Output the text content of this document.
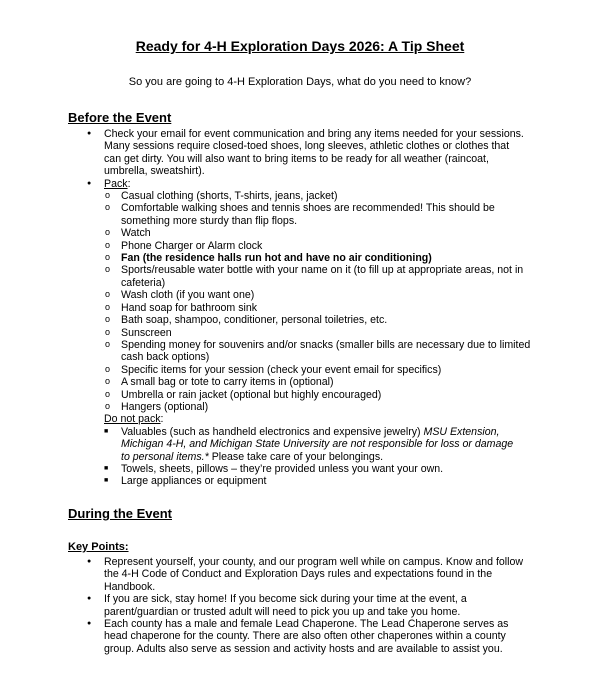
Ready for 4-H Exploration Days 2026: A Tip Sheet
So you are going to 4-H Exploration Days, what do you need to know?
Before the Event
● Check your email for event communication and bring any items needed for your sessions. Many sessions require closed-toed shoes, long sleeves, athletic clothes or clothes that can get dirty. You will also want to bring items to be ready for all weather (raincoat, umbrella, sweatshirt).
● Pack:
o Casual clothing (shorts, T-shirts, jeans, jacket)
o Comfortable walking shoes and tennis shoes are recommended! This should be something more sturdy than flip flops.
o Watch
o Phone Charger or Alarm clock
o Fan (the residence halls run hot and have no air conditioning)
o Sports/reusable water bottle with your name on it (to fill up at appropriate areas, not in cafeteria)
o Wash cloth (if you want one)
o Hand soap for bathroom sink
o Bath soap, shampoo, conditioner, personal toiletries, etc.
o Sunscreen
o Spending money for souvenirs and/or snacks (smaller bills are necessary due to limited cash back options)
o Specific items for your session (check your event email for specifics)
o A small bag or tote to carry items in (optional)
o Umbrella or rain jacket (optional but highly encouraged)
o Hangers (optional)
Do not pack:
■ Valuables (such as handheld electronics and expensive jewelry) MSU Extension, Michigan 4-H, and Michigan State University are not responsible for loss or damage to personal items.* Please take care of your belongings.
■ Towels, sheets, pillows – they’re provided unless you want your own.
■ Large appliances or equipment
During the Event
Key Points:
● Represent yourself, your county, and our program well while on campus. Know and follow the 4-H Code of Conduct and Exploration Days rules and expectations found in the Handbook.
● If you are sick, stay home! If you become sick during your time at the event, a parent/guardian or trusted adult will need to pick you up and take you home.
● Each county has a male and female Lead Chaperone. The Lead Chaperone serves as head chaperone for the county. There are also often other chaperones within a county group. Adults also serve as session and activity hosts and are available to assist you.
